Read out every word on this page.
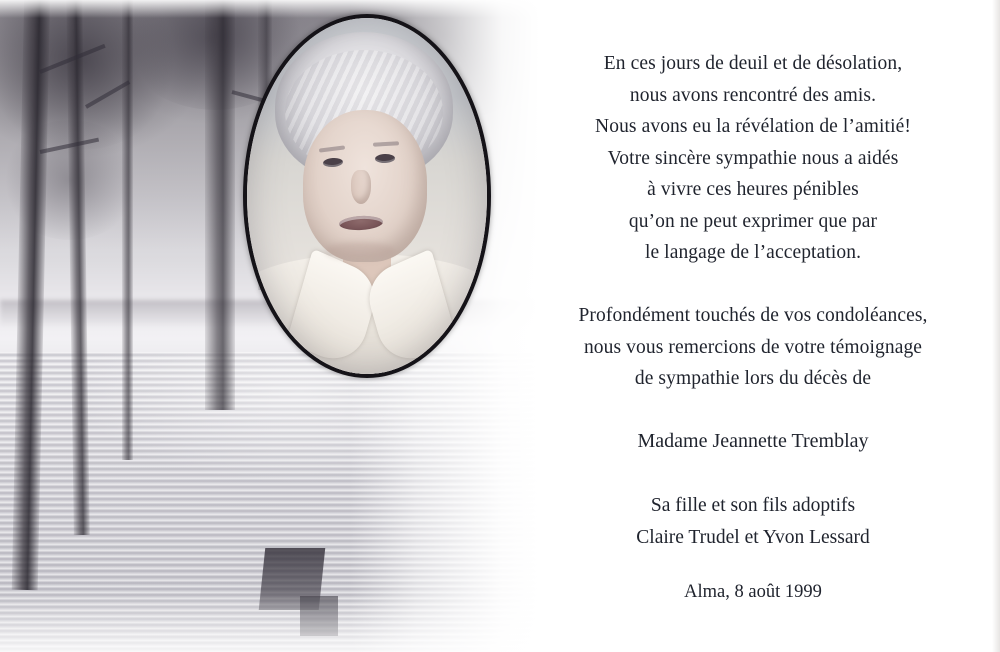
En ces jours de deuil et de désolation,

nous avons rencontré des amis.

Nous avons eu la révélation de l’amitié!

Votre sincère sympathie nous a aidés

à vivre ces heures pénibles

qu’on ne peut exprimer que par

le langage de l’acceptation.

Profondément touchés de vos condoléances,

nous vous remercions de votre témoignage

de sympathie lors du décès de

Madame Jeannette Tremblay

Sa fille et son fils adoptifs

Claire Trudel et Yvon Lessard

Alma, 8 août 1999
